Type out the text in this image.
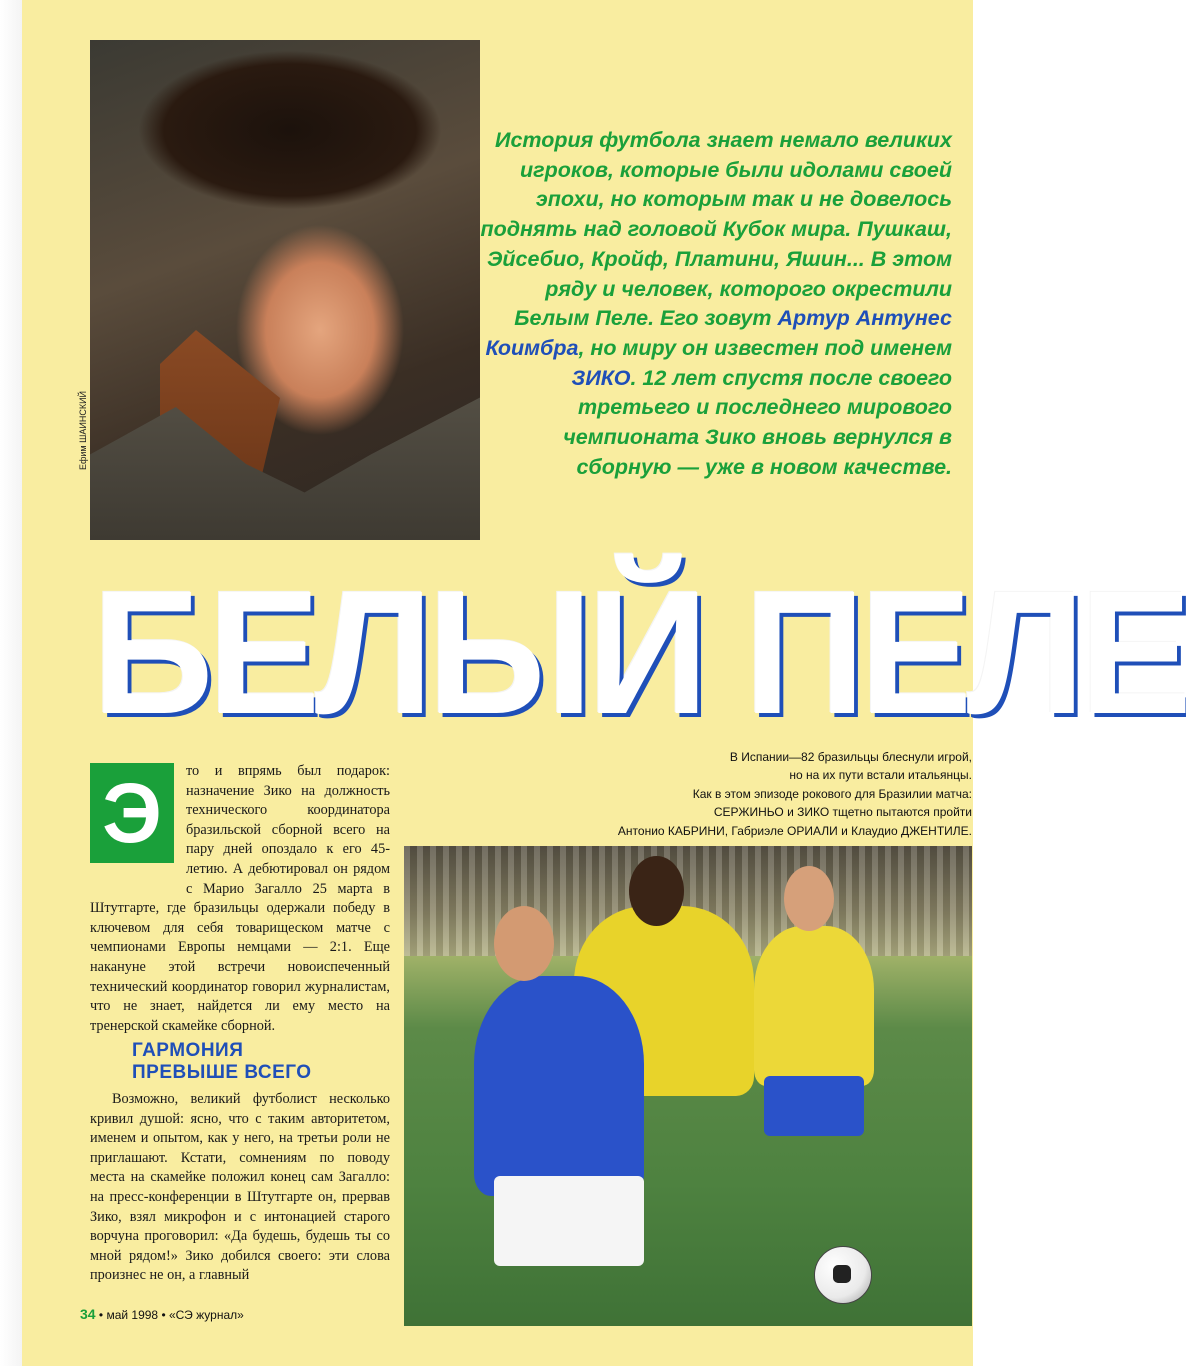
Ефим ШАИНСКИЙ

История футбола знает немало великих игроков, которые были идолами своей эпохи, но которым так и не довелось поднять над головой Кубок мира. Пушкаш, Эйсебио, Кройф, Платини, Яшин... В этом ряду и человек, которого окрестили Белым Пеле. Его зовут Артур Антунес Коимбра, но миру он известен под именем ЗИКО. 12 лет спустя после своего третьего и последнего мирового чемпионата Зико вновь вернулся в сборную — уже в новом качестве.

БЕЛЫЙ ПЕЛЕ

В Испании—82 бразильцы блеснули игрой,

но на их пути встали итальянцы.

Как в этом эпизоде рокового для Бразилии матча:

СЕРЖИНЬО и ЗИКО тщетно пытаются пройти

Антонио КАБРИНИ, Габриэле ОРИАЛИ и Клаудио ДЖЕНТИЛЕ.

то и впрямь был подарок: назначение Зико на должность технического координатора бразильской сборной всего на пару дней опоздало к его 45-летию. А дебютировал он рядом с Марио Загалло 25 марта в Штутгарте, где бразильцы одержали победу в ключевом для себя товарищеском матче с чемпионами Европы немцами — 2:1. Еще накануне этой встречи новоиспеченный технический координатор говорил журналистам, что не знает, найдется ли ему место на тренерской скамейке сборной.

Э
ГАРМОНИЯ
ПРЕВЫШЕ ВСЕГО

Возможно, великий футболист несколько кривил душой: ясно, что с таким авторитетом, именем и опытом, как у него, на третьи роли не приглашают. Кстати, сомнениям по поводу места на скамейке положил конец сам Загалло: на пресс-конференции в Штутгарте он, прервав Зико, взял микрофон и с интонацией старого ворчуна проговорил: «Да будешь, будешь ты со мной рядом!» Зико добился своего: эти слова произнес не он, а главный

34 • май 1998 • «СЭ журнал»
